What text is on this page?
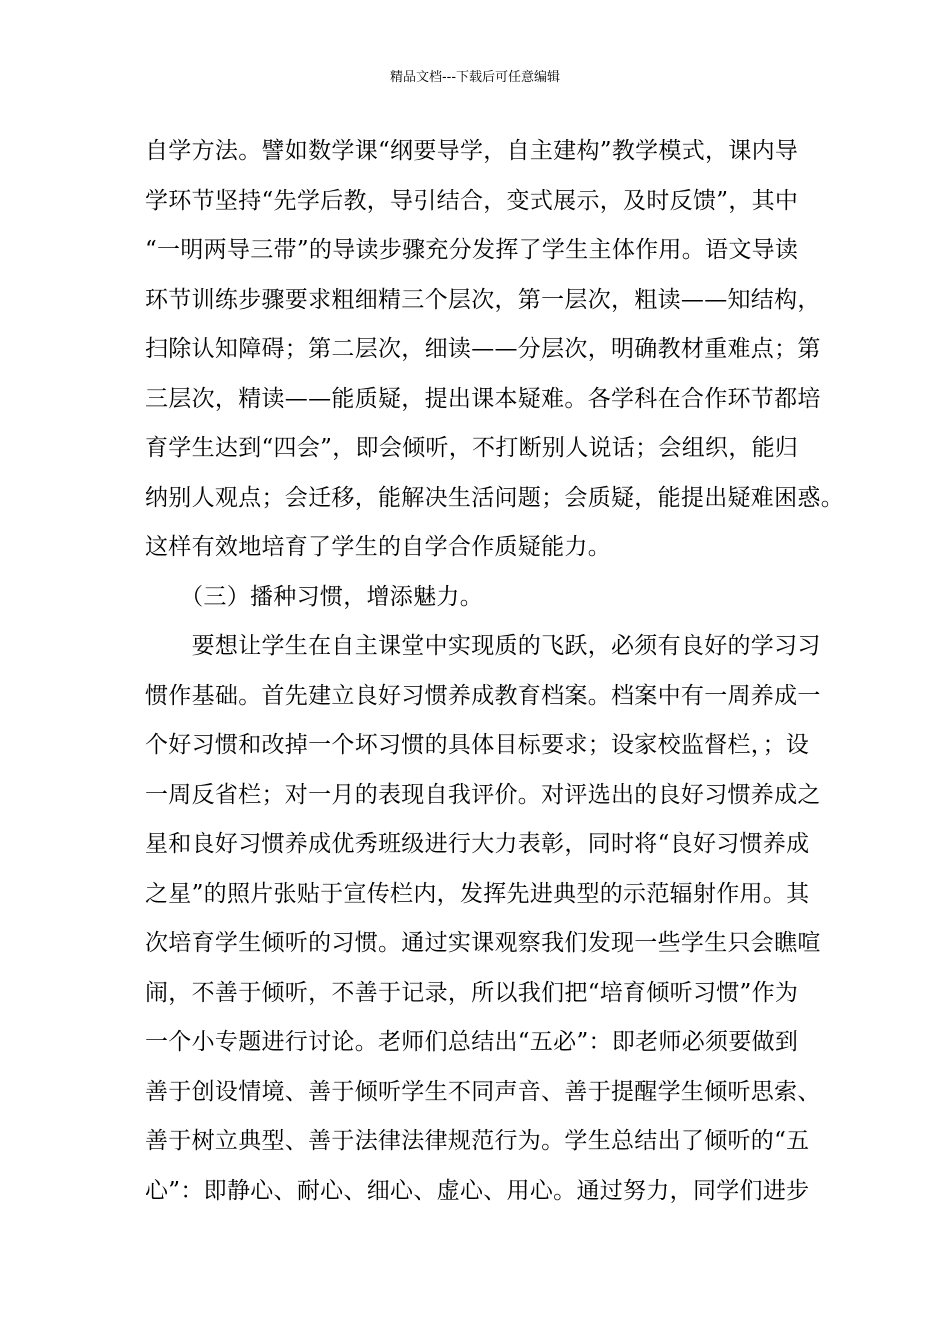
精品文档---下载后可任意编辑
自学方法。譬如数学课“纲要导学，自主建构”教学模式，课内导
学环节坚持“先学后教，导引结合，变式展示，及时反馈”，其中
“一明两导三带”的导读步骤充分发挥了学生主体作用。语文导读
环节训练步骤要求粗细精三个层次，第一层次，粗读——知结构，
扫除认知障碍；第二层次，细读——分层次，明确教材重难点；第
三层次，精读——能质疑，提出课本疑难。各学科在合作环节都培
育学生达到“四会”，即会倾听，不打断别人说话；会组织，能归
纳别人观点；会迁移，能解决生活问题；会质疑，能提出疑难困惑。
这样有效地培育了学生的自学合作质疑能力。
　　（三）播种习惯，增添魅力。
　　要想让学生在自主课堂中实现质的飞跃，必须有良好的学习习
惯作基础。首先建立良好习惯养成教育档案。档案中有一周养成一
个好习惯和改掉一个坏习惯的具体目标要求；设家校监督栏，；设
一周反省栏；对一月的表现自我评价。对评选出的良好习惯养成之
星和良好习惯养成优秀班级进行大力表彰，同时将“良好习惯养成
之星”的照片张贴于宣传栏内，发挥先进典型的示范辐射作用。其
次培育学生倾听的习惯。通过实课观察我们发现一些学生只会瞧喧
闹，不善于倾听，不善于记录，所以我们把“培育倾听习惯”作为
一个小专题进行讨论。老师们总结出“五必”：即老师必须要做到
善于创设情境、善于倾听学生不同声音、善于提醒学生倾听思索、
善于树立典型、善于法律法律规范行为。学生总结出了倾听的“五
心”：即静心、耐心、细心、虚心、用心。通过努力，同学们进步
